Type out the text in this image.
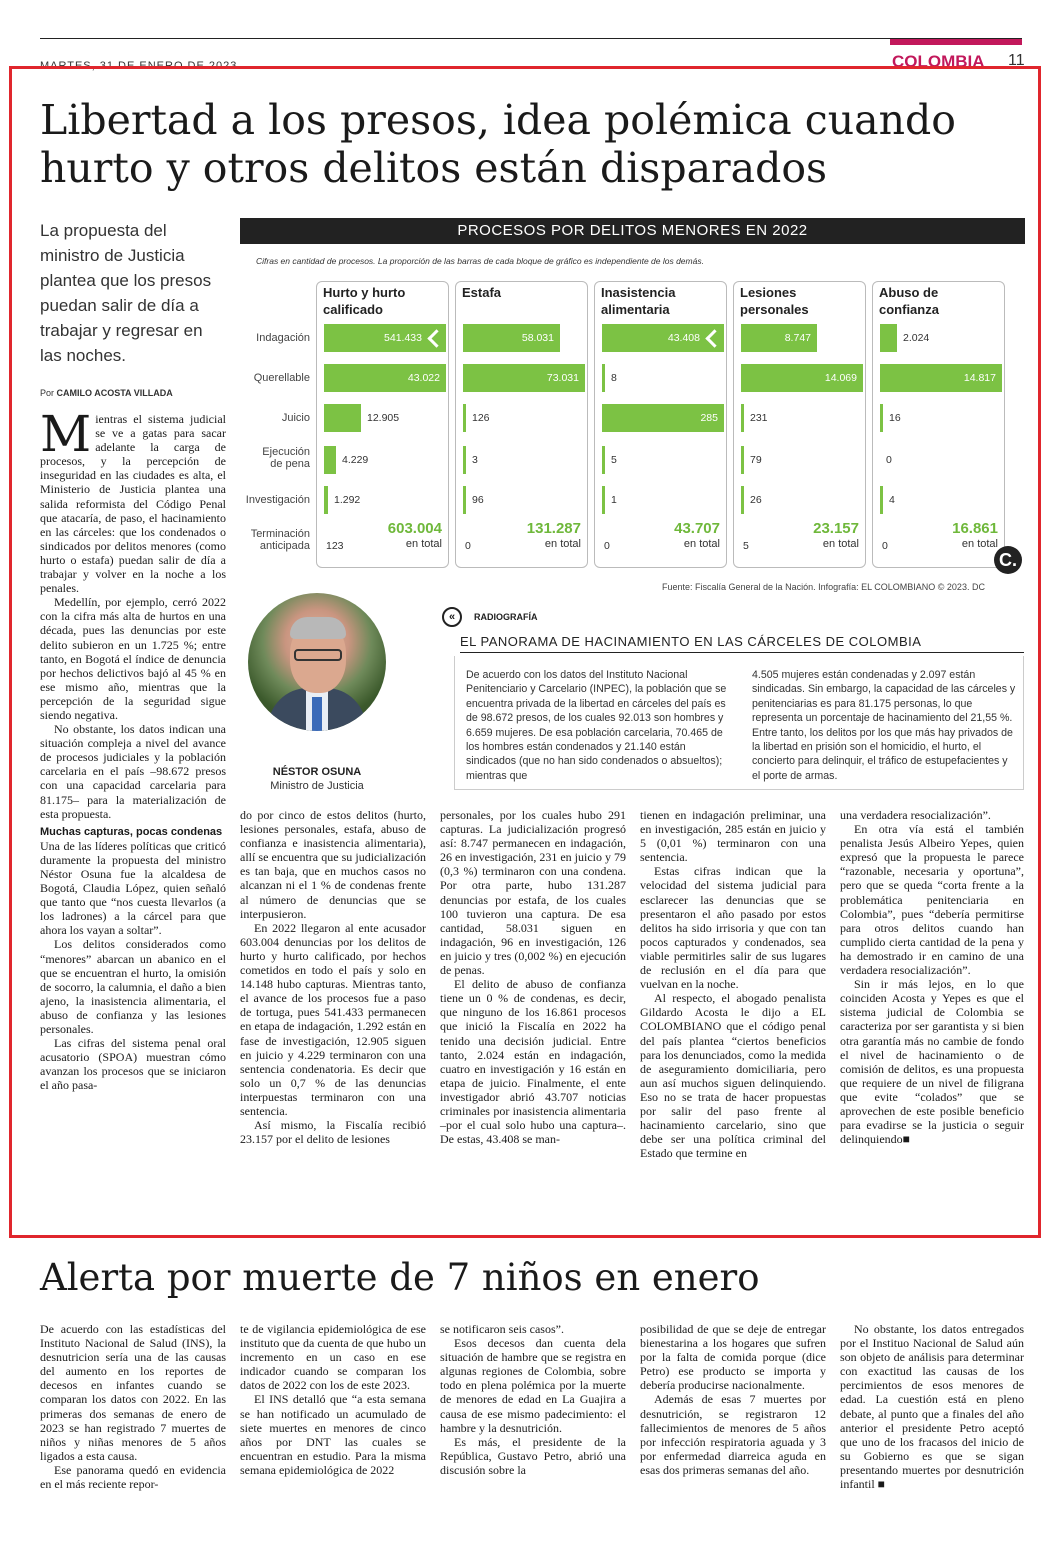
MARTES, 31 DE ENERO DE 2023	COLOMBIA 11
Libertad a los presos, idea polémica cuando hurto y otros delitos están disparados
La propuesta del ministro de Justicia plantea que los presos puedan salir de día a trabajar y regresar en las noches.
Por CAMILO ACOSTA VILLADA
PROCESOS POR DELITOS MENORES EN 2022
Cifras en cantidad de procesos. La proporción de las barras de cada bloque de gráfico es independiente de los demás.
Indagación
Querellable
Juicio
Ejecución
de pena
Investigación
Terminación
anticipada
Hurto y hurto calificado
541.433
43.022
12.905
4.229
1.292
123
603.004
en total
Estafa
58.031
73.031
126
3
96
0
131.287
en total
Inasistencia alimentaria
43.408
8
285
5
1
0
43.707
en total
Lesiones personales
8.747
14.069
231
79
26
5
23.157
en total
Abuso de confianza
2.024
14.817
16
0
4
0
16.861
en total
C.
Fuente: Fiscalía General de la Nación. Infografía: EL COLOMBIANO © 2023. DC

Mientras el sistema judicial se ve a gatas para sacar adelante la carga de procesos, y la percepción de inseguridad en las ciudades es alta, el Ministerio de Justicia plantea una salida reformista del Código Penal que atacaría, de paso, el hacinamiento en las cárceles: que los condenados o sindicados por delitos menores (como hurto o estafa) puedan salir de día a trabajar y volver en la noche a los penales.

Medellín, por ejemplo, cerró 2022 con la cifra más alta de hurtos en una década, pues las denuncias por este delito subieron en un 1.725 %; entre tanto, en Bogotá el índice de denuncia por hechos delictivos bajó al 45 % en ese mismo año, mientras que la percepción de la seguridad sigue siendo negativa.

No obstante, los datos indican una situación compleja a nivel del avance de procesos judiciales y la población carcelaria en el país –98.672 presos con una capacidad carcelaria para 81.175– para la materialización de esta propuesta.

Muchas capturas, pocas condenas

Una de las líderes políticas que criticó duramente la propuesta del ministro Néstor Osuna fue la alcaldesa de Bogotá, Claudia López, quien señaló que tanto que “nos cuesta llevarlos (a los ladrones) a la cárcel para que ahora los vayan a soltar”.

Los delitos considerados como “menores” abarcan un abanico en el que se encuentran el hurto, la omisión de socorro, la calumnia, el daño a bien ajeno, la inasistencia alimentaria, el abuso de confianza y las lesiones personales.

Las cifras del sistema penal oral acusatorio (SPOA) muestran cómo avanzan los procesos que se iniciaron el año pasa-

NÉSTOR OSUNA
Ministro de Justicia
«	RADIOGRAFÍA
EL PANORAMA DE HACINAMIENTO EN LAS CÁRCELES DE COLOMBIA
De acuerdo con los datos del Instituto Nacional Penitenciario y Carcelario (INPEC), la población que se encuentra privada de la libertad en cárceles del país es de 98.672 presos, de los cuales 92.013 son hombres y 6.659 mujeres. De esa población carcelaria, 70.465 de los hombres están condenados y 21.140 están sindicados (que no han sido condenados o absueltos); mientras que
4.505 mujeres están condenadas y 2.097 están sindicadas. Sin embargo, la capacidad de las cárceles y penitenciarias es para 81.175 personas, lo que representa un porcentaje de hacinamiento del 21,55 %. Entre tanto, los delitos por los que más hay privados de la libertad en prisión son el homicidio, el hurto, el concierto para delinquir, el tráfico de estupefacientes y el porte de armas.

do por cinco de estos delitos (hurto, lesiones personales, estafa, abuso de confianza e inasistencia alimentaria), allí se encuentra que su judicialización es tan baja, que en muchos casos no alcanzan ni el 1 % de condenas frente al número de denuncias que se interpusieron.

En 2022 llegaron al ente acusador 603.004 denuncias por los delitos de hurto y hurto calificado, por hechos cometidos en todo el país y solo en 14.148 hubo capturas. Mientras tanto, el avance de los procesos fue a paso de tortuga, pues 541.433 permanecen en etapa de indagación, 1.292 están en fase de investigación, 12.905 siguen en juicio y 4.229 terminaron con una sentencia condenatoria. Es decir que solo un 0,7 % de las denuncias interpuestas terminaron con una sentencia.

Así mismo, la Fiscalía recibió 23.157 por el delito de lesiones

personales, por los cuales hubo 291 capturas. La judicialización progresó así: 8.747 permanecen en indagación, 26 en investigación, 231 en juicio y 79 (0,3 %) terminaron con una condena. Por otra parte, hubo 131.287 denuncias por estafa, de los cuales 100 tuvieron una captura. De esa cantidad, 58.031 siguen en indagación, 96 en investigación, 126 en juicio y tres (0,002 %) en ejecución de penas.

El delito de abuso de confianza tiene un 0 % de condenas, es decir, que ninguno de los 16.861 procesos que inició la Fiscalía en 2022 ha tenido una decisión judicial. Entre tanto, 2.024 están en indagación, cuatro en investigación y 16 están en etapa de juicio. Finalmente, el ente investigador abrió 43.707 noticias criminales por inasistencia alimentaria –por el cual solo hubo una captura–. De estas, 43.408 se man-

tienen en indagación preliminar, una en investigación, 285 están en juicio y 5 (0,01 %) terminaron con una sentencia.

Estas cifras indican que la velocidad del sistema judicial para esclarecer las denuncias que se presentaron el año pasado por estos delitos ha sido irrisoria y que con tan pocos capturados y condenados, sea viable permitirles salir de sus lugares de reclusión en el día para que vuelvan en la noche.

Al respecto, el abogado penalista Gildardo Acosta le dijo a EL COLOMBIANO que el código penal del país plantea “ciertos beneficios para los denunciados, como la medida de aseguramiento domiciliaria, pero aun así muchos siguen delinquiendo. Eso no se trata de hacer propuestas por salir del paso frente al hacinamiento carcelario, sino que debe ser una política criminal del Estado que termine en

una verdadera resocialización”.

En otra vía está el también penalista Jesús Albeiro Yepes, quien expresó que la propuesta le parece “razonable, necesaria y oportuna”, pero que se queda “corta frente a la problemática penitenciaria en Colombia”, pues “debería permitirse para otros delitos cuando han cumplido cierta cantidad de la pena y ha demostrado ir en camino de una verdadera resocialización”.

Sin ir más lejos, en lo que coinciden Acosta y Yepes es que el sistema judicial de Colombia se caracteriza por ser garantista y si bien otra garantía más no cambie de fondo el nivel de hacinamiento o de comisión de delitos, es una propuesta que requiere de un nivel de filigrana que evite “colados” que se aprovechen de este posible beneficio para evadirse se la justicia o seguir delinquiendo■

Alerta por muerte de 7 niños en enero

De acuerdo con las estadísticas del Instituto Nacional de Salud (INS), la desnutricion sería una de las causas del aumento en los reportes de decesos en infantes cuando se comparan los datos con 2022. En las primeras dos semanas de enero de 2023 se han registrado 7 muertes de niños y niñas menores de 5 años ligados a esta causa.

Ese panorama quedó en evidencia en el más reciente repor-

te de vigilancia epidemiológica de ese instituto que da cuenta de que hubo un incremento en un caso en ese indicador cuando se comparan los datos de 2022 con los de este 2023.

El INS detalló que “a esta semana se han notificado un acumulado de siete muertes en menores de cinco años por DNT las cuales se encuentran en estudio. Para la misma semana epidemiológica de 2022

se notificaron seis casos”.

Esos decesos dan cuenta dela situación de hambre que se registra en algunas regiones de Colombia, sobre todo en plena polémica por la muerte de menores de edad en La Guajira a causa de ese mismo padecimiento: el hambre y la desnutrición.

Es más, el presidente de la República, Gustavo Petro, abrió una discusión sobre la

posibilidad de que se deje de entregar bienestarina a los hogares que sufren por la falta de comida porque (dice Petro) ese producto se importa y debería producirse nacionalmente.

Además de esas 7 muertes por desnutrición, se registraron 12 fallecimientos de menores de 5 años por infección respiratoria aguada y 3 por enfermedad diarreica aguda en esas dos primeras semanas del año.

No obstante, los datos entregados por el Instituo Nacional de Salud aún son objeto de análisis para determinar con exactitud las causas de los percimientos de esos menores de edad. La cuestión está en pleno debate, al punto que a finales del año anterior el presidente Petro aceptó que uno de los fracasos del inicio de su Gobierno es que se sigan presentando muertes por desnutrición infantil ■
